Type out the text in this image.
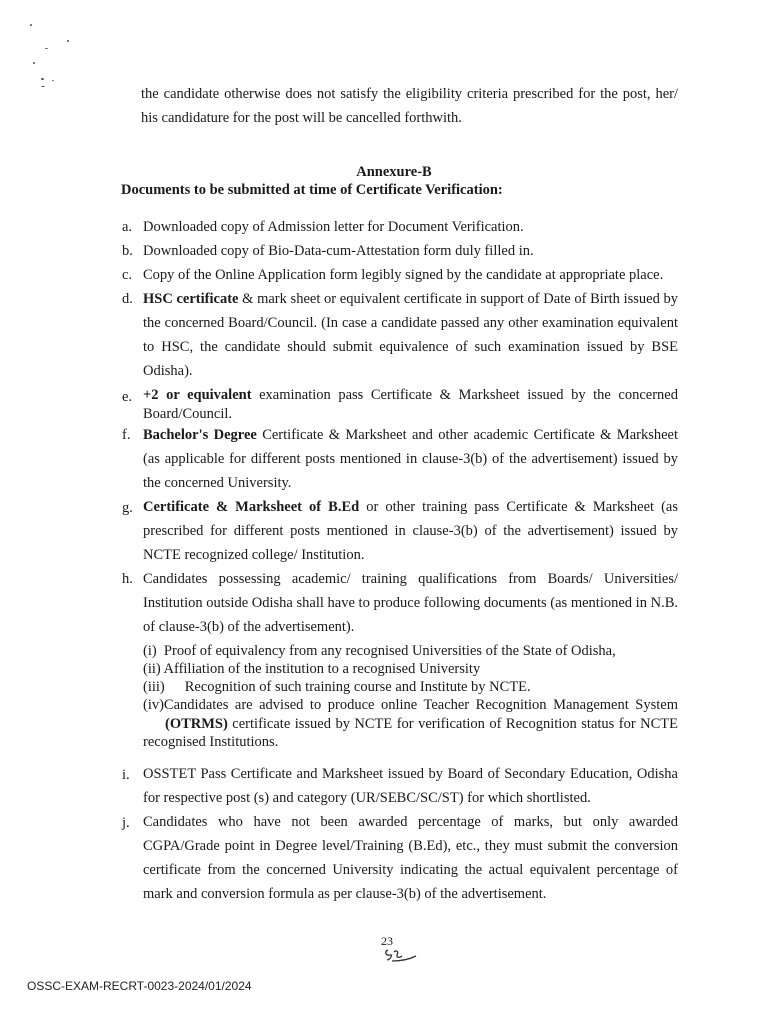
the candidate otherwise does not satisfy the eligibility criteria prescribed for the post, her/ his candidature for the post will be cancelled forthwith.
Annexure-B
Documents to be submitted at time of Certificate Verification:
a. Downloaded copy of Admission letter for Document Verification.
b. Downloaded copy of Bio-Data-cum-Attestation form duly filled in.
c. Copy of the Online Application form legibly signed by the candidate at appropriate place.
d. HSC certificate & mark sheet or equivalent certificate in support of Date of Birth issued by the concerned Board/Council. (In case a candidate passed any other examination equivalent to HSC, the candidate should submit equivalence of such examination issued by BSE Odisha).
e. +2 or equivalent examination pass Certificate & Marksheet issued by the concerned Board/Council.
f. Bachelor's Degree Certificate & Marksheet and other academic Certificate & Marksheet (as applicable for different posts mentioned in clause-3(b) of the advertisement) issued by the concerned University.
g. Certificate & Marksheet of B.Ed or other training pass Certificate & Marksheet (as prescribed for different posts mentioned in clause-3(b) of the advertisement) issued by NCTE recognized college/ Institution.
h. Candidates possessing academic/ training qualifications from Boards/ Universities/ Institution outside Odisha shall have to produce following documents (as mentioned in N.B. of clause-3(b) of the advertisement).
(i)  Proof of equivalency from any recognised Universities of the State of Odisha,
(ii) Affiliation of the institution to a recognised University
(iii) Recognition of such training course and Institute by NCTE.
(iv)Candidates are advised to produce online Teacher Recognition Management System (OTRMS) certificate issued by NCTE for verification of Recognition status for NCTE recognised Institutions.
i. OSSTET Pass Certificate and Marksheet issued by Board of Secondary Education, Odisha for respective post (s) and category (UR/SEBC/SC/ST) for which shortlisted.
j. Candidates who have not been awarded percentage of marks, but only awarded CGPA/Grade point in Degree level/Training (B.Ed), etc., they must submit the conversion certificate from the concerned University indicating the actual equivalent percentage of mark and conversion formula as per clause-3(b) of the advertisement.
23
OSSC-EXAM-RECRT-0023-2024/01/2024
